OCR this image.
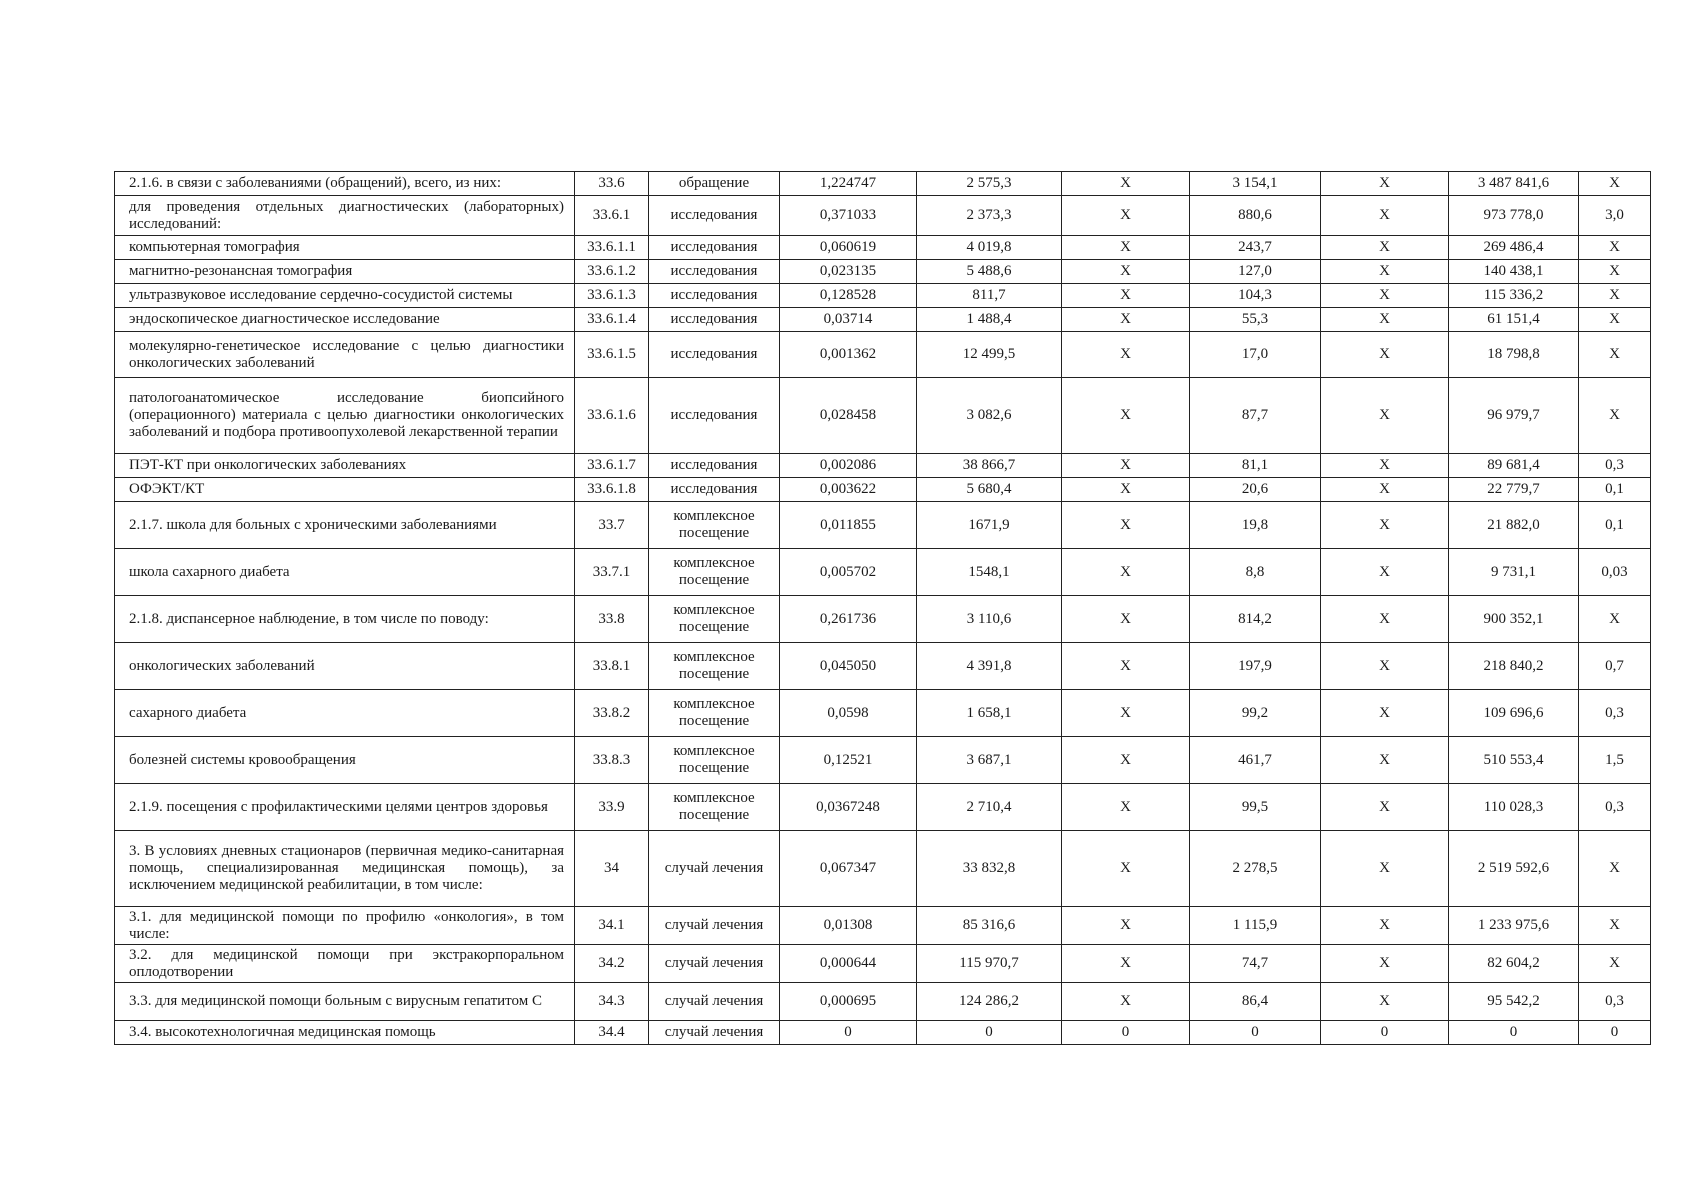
2.1.6. в связи с заболеваниями (обращений), всего, из них:	33.6	обращение	1,224747	2 575,3	X	3 154,1	X	3 487 841,6	X
для проведения отдельных диагностических (лабораторных) исследований:	33.6.1	исследования	0,371033	2 373,3	X	880,6	X	973 778,0	3,0
компьютерная томография	33.6.1.1	исследования	0,060619	4 019,8	X	243,7	X	269 486,4	X
магнитно-резонансная томография	33.6.1.2	исследования	0,023135	5 488,6	X	127,0	X	140 438,1	X
ультразвуковое исследование сердечно-сосудистой системы	33.6.1.3	исследования	0,128528	811,7	X	104,3	X	115 336,2	X
эндоскопическое диагностическое исследование	33.6.1.4	исследования	0,03714	1 488,4	X	55,3	X	61 151,4	X
молекулярно-генетическое исследование с целью диагностики онкологических заболеваний	33.6.1.5	исследования	0,001362	12 499,5	X	17,0	X	18 798,8	X
патологоанатомическое исследование биопсийного (операционного) материала с целью диагностики онкологических заболеваний и подбора противоопухолевой лекарственной терапии	33.6.1.6	исследования	0,028458	3 082,6	X	87,7	X	96 979,7	X
ПЭТ-КТ при онкологических заболеваниях	33.6.1.7	исследования	0,002086	38 866,7	X	81,1	X	89 681,4	0,3
ОФЭКТ/КТ	33.6.1.8	исследования	0,003622	5 680,4	X	20,6	X	22 779,7	0,1
2.1.7. школа для больных с хроническими заболеваниями	33.7	комплексное посещение	0,011855	1671,9	X	19,8	X	21 882,0	0,1
школа сахарного диабета	33.7.1	комплексное посещение	0,005702	1548,1	X	8,8	X	9 731,1	0,03
2.1.8. диспансерное наблюдение, в том числе по поводу:	33.8	комплексное посещение	0,261736	3 110,6	X	814,2	X	900 352,1	X
онкологических заболеваний	33.8.1	комплексное посещение	0,045050	4 391,8	X	197,9	X	218 840,2	0,7
сахарного диабета	33.8.2	комплексное посещение	0,0598	1 658,1	X	99,2	X	109 696,6	0,3
болезней системы кровообращения	33.8.3	комплексное посещение	0,12521	3 687,1	X	461,7	X	510 553,4	1,5
2.1.9. посещения с профилактическими целями центров здоровья	33.9	комплексное посещение	0,0367248	2 710,4	X	99,5	X	110 028,3	0,3
3. В условиях дневных стационаров (первичная медико-санитарная помощь, специализированная медицинская помощь), за исключением медицинской реабилитации, в том числе:	34	случай лечения	0,067347	33 832,8	X	2 278,5	X	2 519 592,6	X
3.1. для медицинской помощи по профилю «онкология», в том числе:	34.1	случай лечения	0,01308	85 316,6	X	1 115,9	X	1 233 975,6	X
3.2. для медицинской помощи при экстракорпоральном оплодотворении	34.2	случай лечения	0,000644	115 970,7	X	74,7	X	82 604,2	X
3.3. для медицинской помощи больным с вирусным гепатитом С	34.3	случай лечения	0,000695	124 286,2	X	86,4	X	95 542,2	0,3
3.4. высокотехнологичная медицинская помощь	34.4	случай лечения	0	0	0	0	0	0	0
